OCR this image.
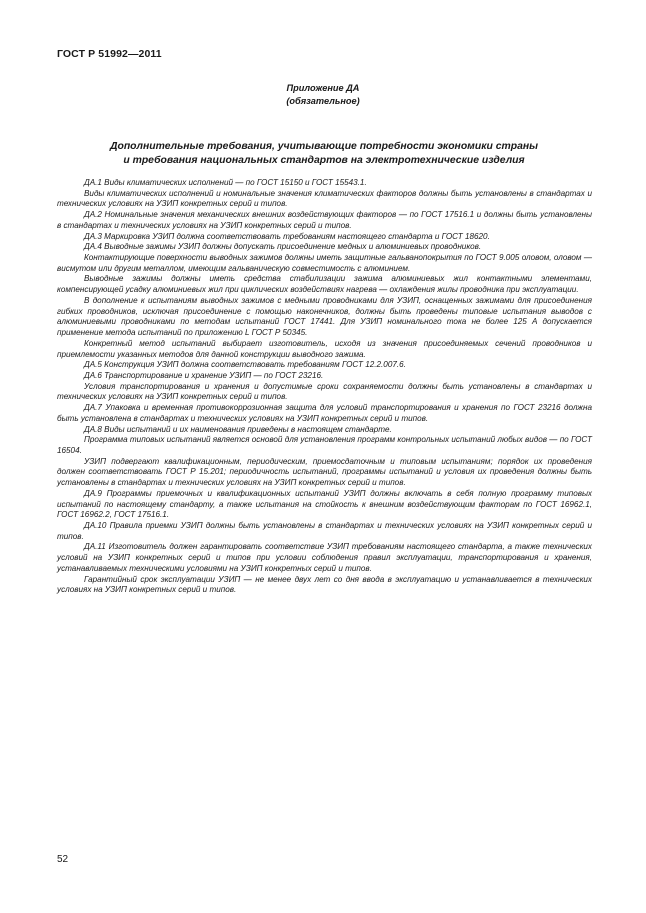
ГОСТ Р 51992—2011
Приложение ДА
(обязательное)
Дополнительные требования, учитывающие потребности экономики страны
и требования национальных стандартов на электротехнические изделия

ДА.1 Виды климатических исполнений — по ГОСТ 15150 и ГОСТ 15543.1.

Виды климатических исполнений и номинальные значения климатических факторов должны быть установлены в стандартах и технических условиях на УЗИП конкретных серий и типов.

ДА.2 Номинальные значения механических внешних воздействующих факторов — по ГОСТ 17516.1 и должны быть установлены в стандартах и технических условиях на УЗИП конкретных серий и типов.

ДА.3 Маркировка УЗИП должна соответствовать требованиям настоящего стандарта и ГОСТ 18620.

ДА.4 Выводные зажимы УЗИП должны допускать присоединение медных и алюминиевых проводников.

Контактирующие поверхности выводных зажимов должны иметь защитные гальванопокрытия по ГОСТ 9.005 оловом, оловом — висмутом или другим металлом, имеющим гальваническую совместимость с алюминием.

Выводные зажимы должны иметь средства стабилизации зажима алюминиевых жил контактными элементами, компенсирующей усадку алюминиевых жил при циклических воздействиях нагрева — охлаждения жилы проводника при эксплуатации.

В дополнение к испытаниям выводных зажимов с медными проводниками для УЗИП, оснащенных зажимами для присоединения гибких проводников, исключая присоединение с помощью наконечников, должны быть проведены типовые испытания выводов с алюминиевыми проводниками по методам испытаний ГОСТ 17441. Для УЗИП номинального тока не более 125 А допускается применение метода испытаний по приложению L ГОСТ Р 50345.

Конкретный метод испытаний выбирает изготовитель, исходя из значения присоединяемых сечений проводников и приемлемости указанных методов для данной конструкции выводного зажима.

ДА.5 Конструкция УЗИП должна соответствовать требованиям ГОСТ 12.2.007.6.

ДА.6 Транспортирование и хранение УЗИП — по ГОСТ 23216.

Условия транспортирования и хранения и допустимые сроки сохраняемости должны быть установлены в стандартах и технических условиях на УЗИП конкретных серий и типов.

ДА.7 Упаковка и временная противокоррозионная защита для условий транспортирования и хранения по ГОСТ 23216 должна быть установлена в стандартах и технических условиях на УЗИП конкретных серий и типов.

ДА.8 Виды испытаний и их наименования приведены в настоящем стандарте.

Программа типовых испытаний является основой для установления программ контрольных испытаний любых видов — по ГОСТ 16504.

УЗИП подвергают квалификационным, периодическим, приемосдаточным и типовым испытаниям; порядок их проведения должен соответствовать ГОСТ Р 15.201; периодичность испытаний, программы испытаний и условия их проведения должны быть установлены в стандартах и технических условиях на УЗИП конкретных серий и типов.

ДА.9 Программы приемочных и квалификационных испытаний УЗИП должны включать в себя полную программу типовых испытаний по настоящему стандарту, а также испытания на стойкость к внешним воздействующим факторам по ГОСТ 16962.1, ГОСТ 16962.2, ГОСТ 17516.1.

ДА.10 Правила приемки УЗИП должны быть установлены в стандартах и технических условиях на УЗИП конкретных серий и типов.

ДА.11 Изготовитель должен гарантировать соответствие УЗИП требованиям настоящего стандарта, а также технических условий на УЗИП конкретных серий и типов при условии соблюдения правил эксплуатации, транспортирования и хранения, устанавливаемых техническими условиями на УЗИП конкретных серий и типов.

Гарантийный срок эксплуатации УЗИП — не менее двух лет со дня ввода в эксплуатацию и устанавливается в технических условиях на УЗИП конкретных серий и типов.

52
